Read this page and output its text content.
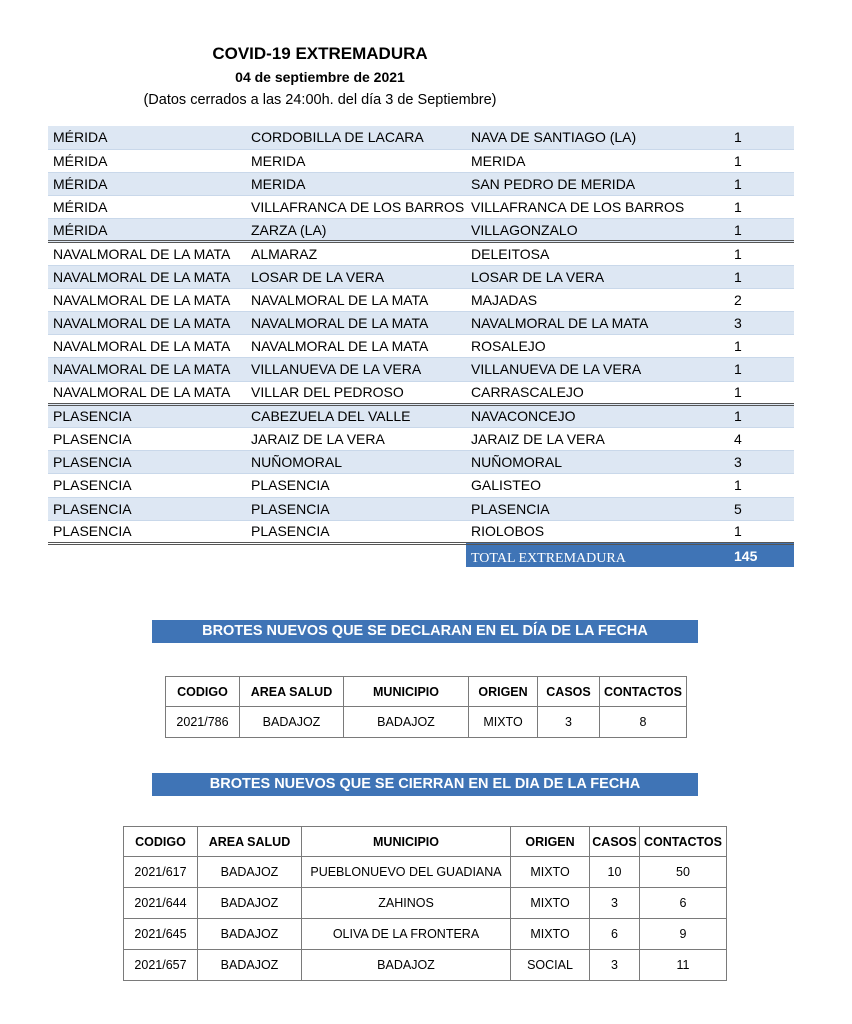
COVID-19 EXTREMADURA
04 de septiembre de 2021
(Datos cerrados a las 24:00h. del día 3 de Septiembre)
MÉRIDA	CORDOBILLA DE LACARA	NAVA DE SANTIAGO (LA)	1
MÉRIDA	MERIDA	MERIDA	1
MÉRIDA	MERIDA	SAN PEDRO DE MERIDA	1
MÉRIDA	VILLAFRANCA DE LOS BARROS	VILLAFRANCA DE LOS BARROS	1
MÉRIDA	ZARZA (LA)	VILLAGONZALO	1
NAVALMORAL DE LA MATA	ALMARAZ	DELEITOSA	1
NAVALMORAL DE LA MATA	LOSAR DE LA VERA	LOSAR DE LA VERA	1
NAVALMORAL DE LA MATA	NAVALMORAL DE LA MATA	MAJADAS	2
NAVALMORAL DE LA MATA	NAVALMORAL DE LA MATA	NAVALMORAL DE LA MATA	3
NAVALMORAL DE LA MATA	NAVALMORAL DE LA MATA	ROSALEJO	1
NAVALMORAL DE LA MATA	VILLANUEVA DE LA VERA	VILLANUEVA DE LA VERA	1
NAVALMORAL DE LA MATA	VILLAR DEL PEDROSO	CARRASCALEJO	1
PLASENCIA	CABEZUELA DEL VALLE	NAVACONCEJO	1
PLASENCIA	JARAIZ DE LA VERA	JARAIZ DE LA VERA	4
PLASENCIA	NUÑOMORAL	NUÑOMORAL	3
PLASENCIA	PLASENCIA	GALISTEO	1
PLASENCIA	PLASENCIA	PLASENCIA	5
PLASENCIA	PLASENCIA	RIOLOBOS	1
		TOTAL EXTREMADURA	145
BROTES NUEVOS QUE SE DECLARAN EN EL DÍA DE LA FECHA
CODIGO	AREA SALUD	MUNICIPIO	ORIGEN	CASOS	CONTACTOS
2021/786	BADAJOZ	BADAJOZ	MIXTO	3	8
BROTES NUEVOS QUE SE CIERRAN EN EL DIA DE LA FECHA
CODIGO	AREA SALUD	MUNICIPIO	ORIGEN	CASOS	CONTACTOS
2021/617	BADAJOZ	PUEBLONUEVO DEL GUADIANA	MIXTO	10	50
2021/644	BADAJOZ	ZAHINOS	MIXTO	3	6
2021/645	BADAJOZ	OLIVA DE LA FRONTERA	MIXTO	6	9
2021/657	BADAJOZ	BADAJOZ	SOCIAL	3	11
